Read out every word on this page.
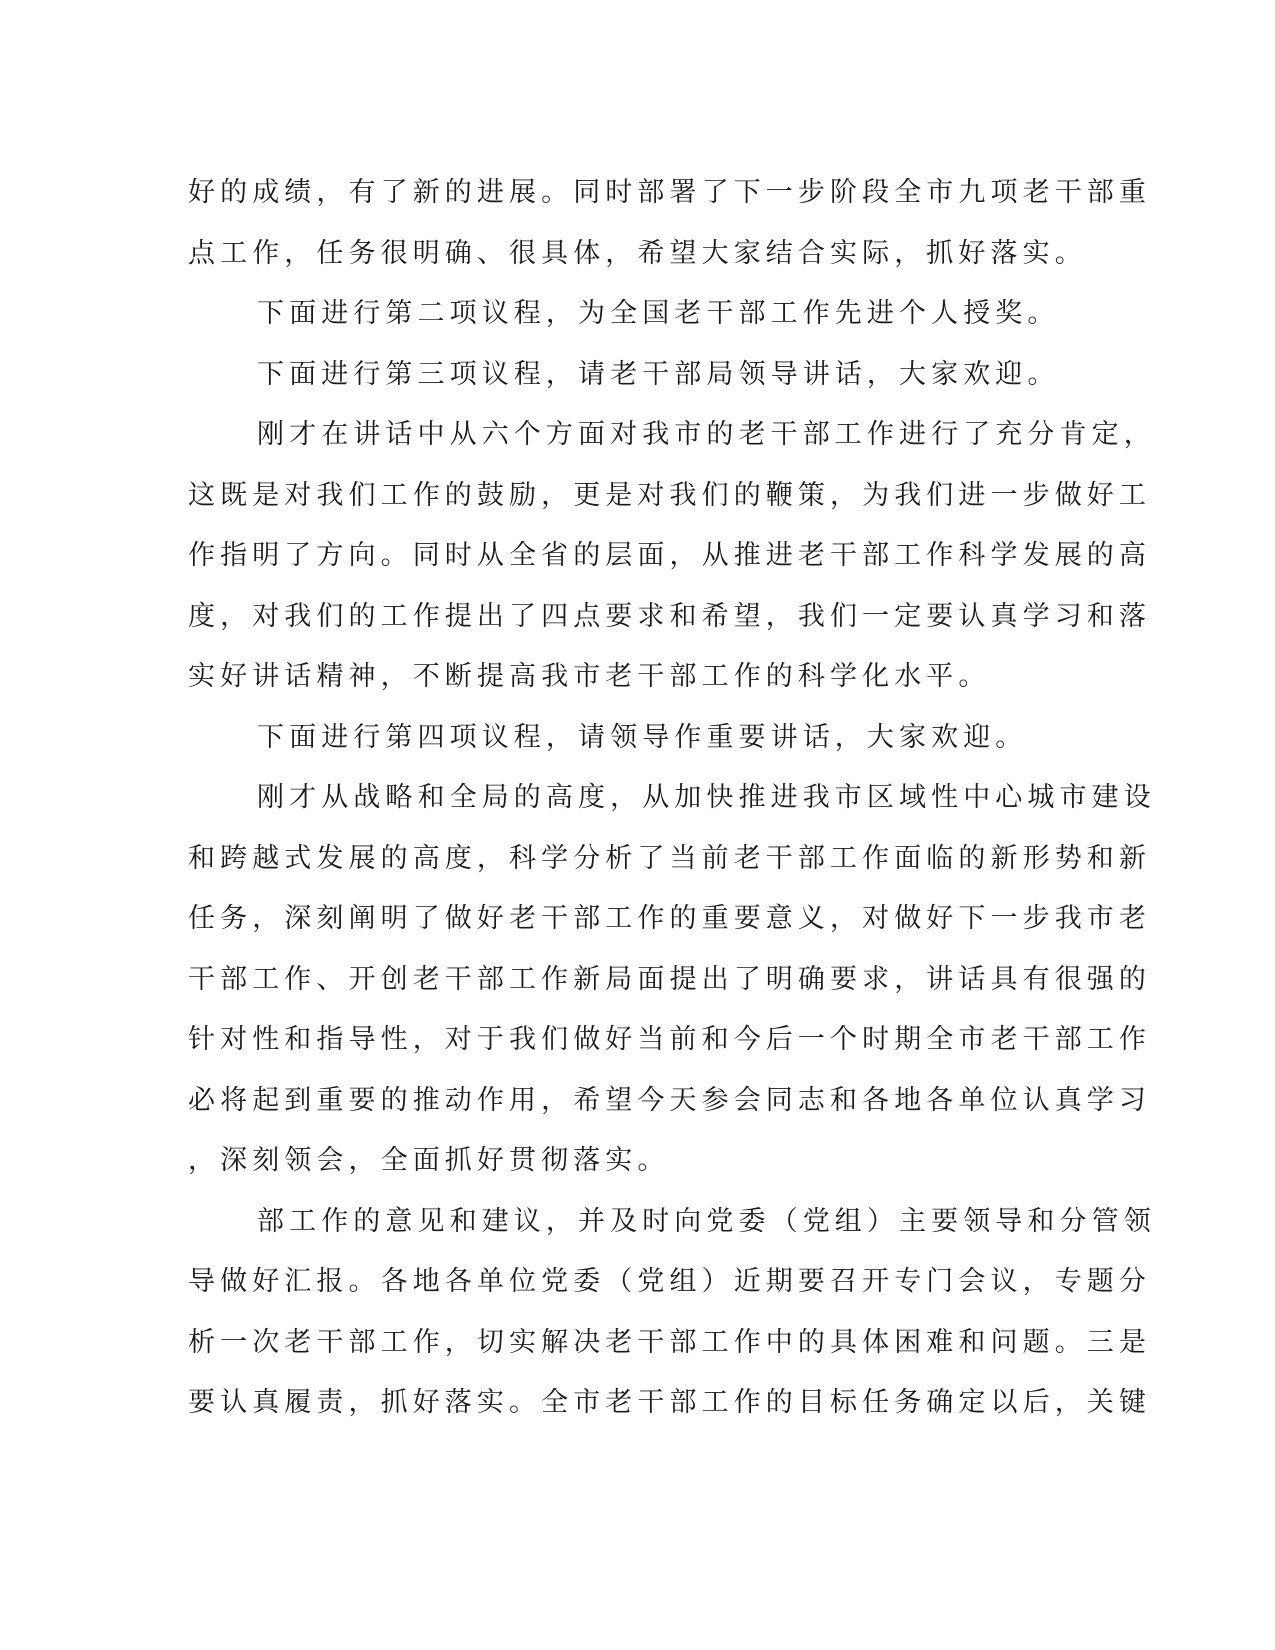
好的成绩，有了新的进展。同时部署了下一步阶段全市九项老干部重
点工作，任务很明确、很具体，希望大家结合实际，抓好落实。
下面进行第二项议程，为全国老干部工作先进个人授奖。
下面进行第三项议程，请老干部局领导讲话，大家欢迎。
刚才在讲话中从六个方面对我市的老干部工作进行了充分肯定，
这既是对我们工作的鼓励，更是对我们的鞭策，为我们进一步做好工
作指明了方向。同时从全省的层面，从推进老干部工作科学发展的高
度，对我们的工作提出了四点要求和希望，我们一定要认真学习和落
实好讲话精神，不断提高我市老干部工作的科学化水平。
下面进行第四项议程，请领导作重要讲话，大家欢迎。
刚才从战略和全局的高度，从加快推进我市区域性中心城市建设
和跨越式发展的高度，科学分析了当前老干部工作面临的新形势和新
任务，深刻阐明了做好老干部工作的重要意义，对做好下一步我市老
干部工作、开创老干部工作新局面提出了明确要求，讲话具有很强的
针对性和指导性，对于我们做好当前和今后一个时期全市老干部工作
必将起到重要的推动作用，希望今天参会同志和各地各单位认真学习
，深刻领会，全面抓好贯彻落实。
部工作的意见和建议，并及时向党委（党组）主要领导和分管领
导做好汇报。各地各单位党委（党组）近期要召开专门会议，专题分
析一次老干部工作，切实解决老干部工作中的具体困难和问题。三是
要认真履责，抓好落实。全市老干部工作的目标任务确定以后，关键
